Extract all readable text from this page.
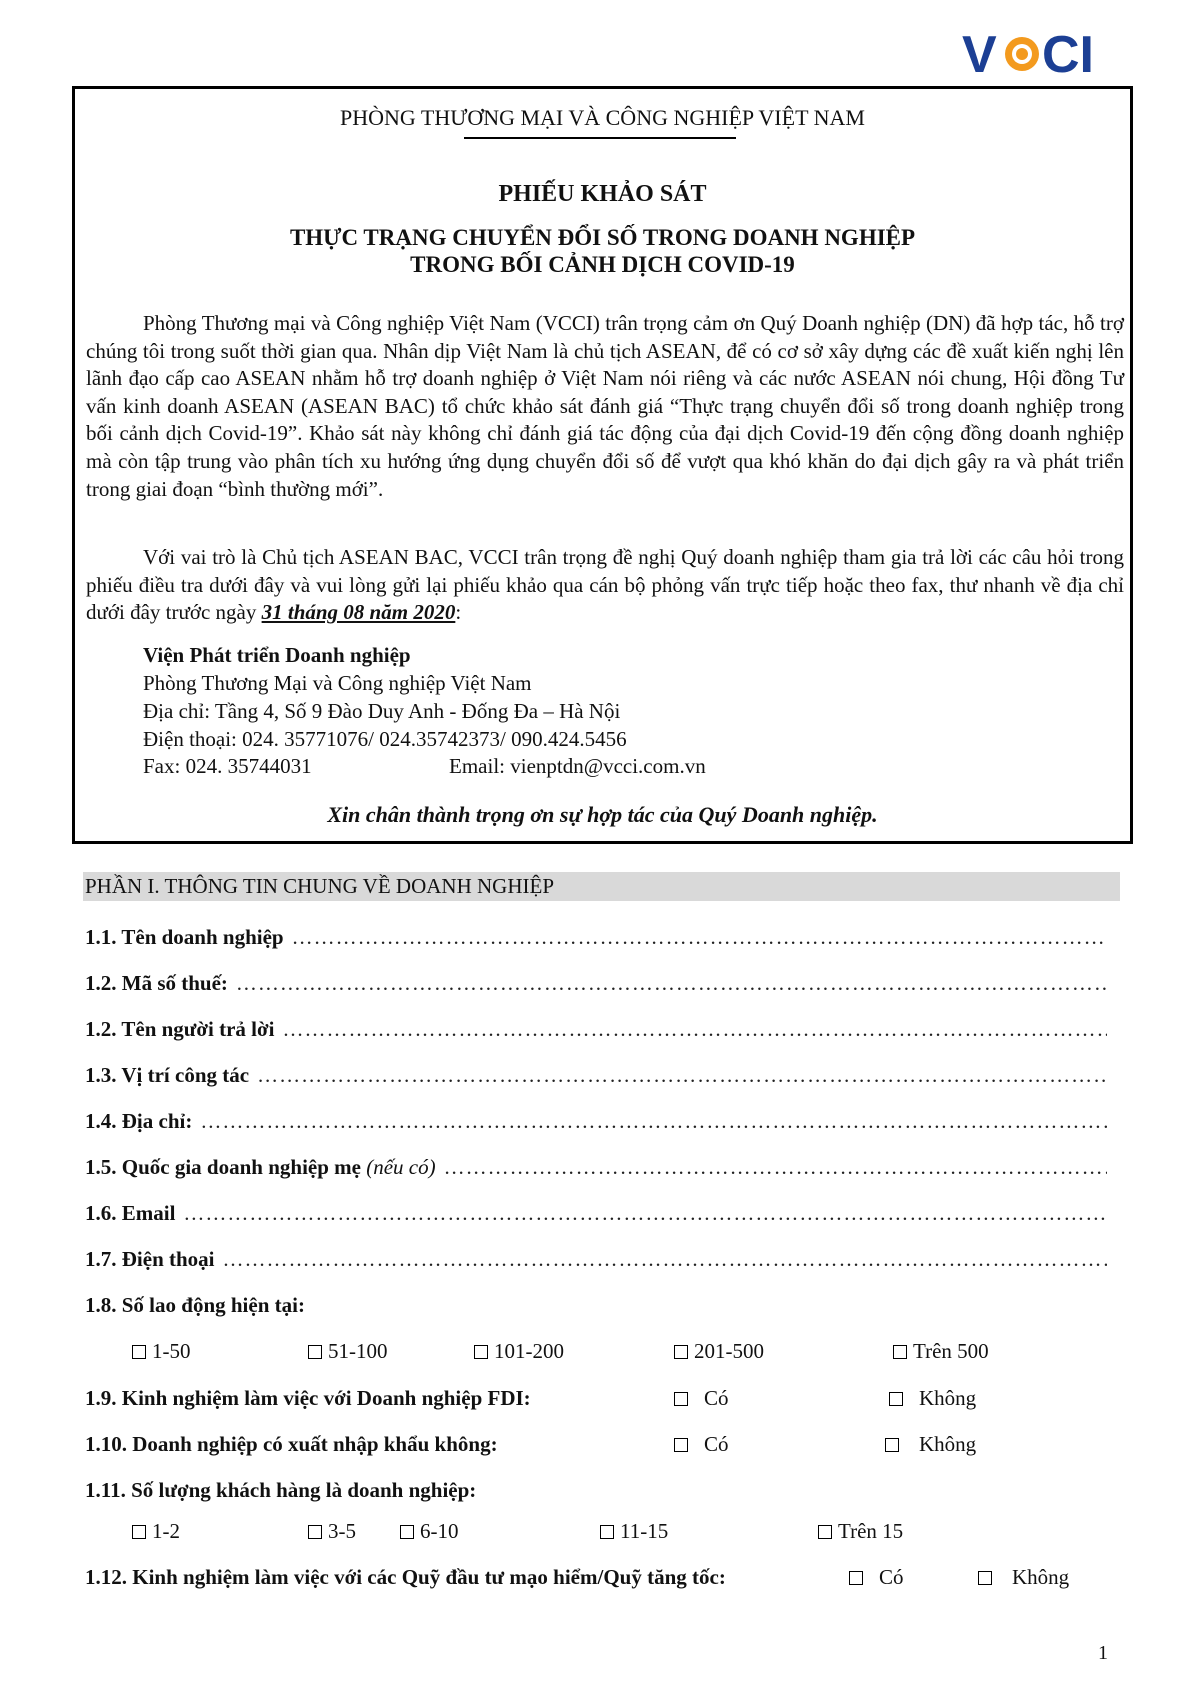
V CI
PHÒNG THƯƠNG MẠI VÀ CÔNG NGHIỆP VIỆT NAM
PHIẾU KHẢO SÁT
THỰC TRẠNG CHUYỂN ĐỔI SỐ TRONG DOANH NGHIỆP
TRONG BỐI CẢNH DỊCH COVID-19

Phòng Thương mại và Công nghiệp Việt Nam (VCCI) trân trọng cảm ơn Quý Doanh nghiệp (DN) đã hợp tác, hỗ trợ chúng tôi trong suốt thời gian qua. Nhân dịp Việt Nam là chủ tịch ASEAN, để có cơ sở xây dựng các đề xuất kiến nghị lên lãnh đạo cấp cao ASEAN nhằm hỗ trợ doanh nghiệp ở Việt Nam nói riêng và các nước ASEAN nói chung, Hội đồng Tư vấn kinh doanh ASEAN (ASEAN BAC) tổ chức khảo sát đánh giá “Thực trạng chuyển đổi số trong doanh nghiệp trong bối cảnh dịch Covid-19”. Khảo sát này không chỉ đánh giá tác động của đại dịch Covid-19 đến cộng đồng doanh nghiệp mà còn tập trung vào phân tích xu hướng ứng dụng chuyển đổi số để vượt qua khó khăn do đại dịch gây ra và phát triển trong giai đoạn “bình thường mới”.

Với vai trò là Chủ tịch ASEAN BAC, VCCI trân trọng đề nghị Quý doanh nghiệp tham gia trả lời các câu hỏi trong phiếu điều tra dưới đây và vui lòng gửi lại phiếu khảo qua cán bộ phỏng vấn trực tiếp hoặc theo fax, thư nhanh về địa chỉ dưới đây trước ngày 31 tháng 08 năm 2020:

Viện Phát triển Doanh nghiệp
Phòng Thương Mại và Công nghiệp Việt Nam
Địa chỉ: Tầng 4, Số 9 Đào Duy Anh - Đống Đa – Hà Nội
Điện thoại: 024. 35771076/ 024.35742373/ 090.424.5456
Fax: 024. 35744031	Email: vienptdn@vcci.com.vn
Xin chân thành trọng ơn sự hợp tác của Quý Doanh nghiệp.
PHẦN I. THÔNG TIN CHUNG VỀ DOANH NGHIỆP
1.1. Tên doanh nghiệp
………………………………………………………………………………………………………………………………………………………………
1.2. Mã số thuế:
………………………………………………………………………………………………………………………………………………………………
1.2. Tên người trả lời
………………………………………………………………………………………………………………………………………………………………
1.3. Vị trí công tác
………………………………………………………………………………………………………………………………………………………………
1.4. Địa chỉ:
………………………………………………………………………………………………………………………………………………………………
1.5. Quốc gia doanh nghiệp mẹ (nếu có)
………………………………………………………………………………………………………………………………………………………………
1.6. Email
………………………………………………………………………………………………………………………………………………………………
1.7. Điện thoại
………………………………………………………………………………………………………………………………………………………………
1.8. Số lao động hiện tại:
1-50	51-100	101-200	201-500	Trên 500
1.9. Kinh nghiệm làm việc với Doanh nghiệp FDI:	Có	Không
1.10. Doanh nghiệp có xuất nhập khẩu không:	Có	Không
1.11. Số lượng khách hàng là doanh nghiệp:
1-2	3-5	6-10	11-15	Trên 15
1.12. Kinh nghiệm làm việc với các Quỹ đầu tư mạo hiểm/Quỹ tăng tốc:	Có	Không
1
